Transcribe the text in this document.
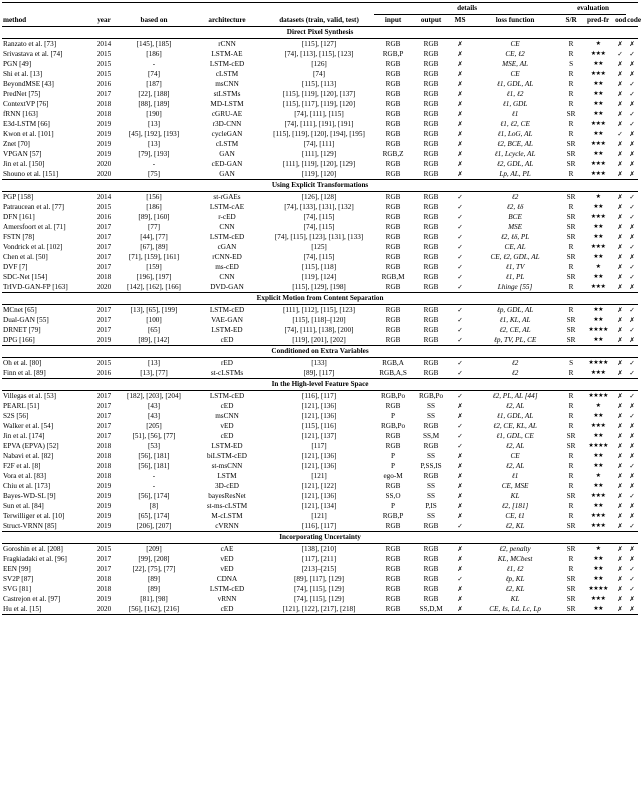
					details				evaluation			
method	year	based on	architecture	datasets (train, valid, test)	input	output	MS	loss function	S/R	pred-fr	ood	code
Direct Pixel Synthesis												
Ranzato et al. [73]	2014	[145], [185]	rCNN	[115], [127]	RGB	RGB	✗	CE	R	★	✗	✗
Srivastava et al. [74]	2015	[186]	LSTM-AE	[74], [113], [115], [123]	RGB,P	RGB	✗	CE, ℓ2	R	★★★	✓	✓
PGN [49]	2015	-	LSTM-cED	[126]	RGB	RGB	✗	MSE, AL	S	★★	✗	✗
Shi et al. [13]	2015	[74]	cLSTM	[74]	RGB	RGB	✗	CE	R	★★★	✗	✗
BeyondMSE [43]	2016	[187]	msCNN	[115], [113]	RGB	RGB	✗	ℓ1, GDL, AL	R	★★	✗	✓
PredNet [75]	2017	[22], [188]	stLSTMs	[115], [119], [120], [137]	RGB	RGB	✗	ℓ1, ℓ2	R	★★	✗	✓
ContextVP [76]	2018	[88], [189]	MD-LSTM	[115], [117], [119], [120]	RGB	RGB	✗	ℓ1, GDL	R	★★	✗	✗
fRNN [163]	2018	[190]	cGRU-AE	[74], [111], [115]	RGB	RGB	✗	ℓ1	SR	★★	✗	✓
E3d-LSTM [66]	2019	[13]	r3D-CNN	[74], [111], [191], [191]	RGB	RGB	✗	ℓ1, ℓ2, CE	R	★★★	✗	✓
Kwon et al. [101]	2019	[45], [192], [193]	cycleGAN	[115], [119], [120], [194], [195]	RGB	RGB	✗	ℓ1, LoG, AL	R	★★	✓	✗
Znet [70]	2019	[13]	cLSTM	[74], [111]	RGB	RGB	✗	ℓ2, BCE, AL	SR	★★★	✗	✗
VPGAN [57]	2019	[79], [193]	GAN	[111], [129]	RGB,Z	RGB	✗	ℓ1, Lcycle, AL	SR	★★	✗	✗
Jin et al. [150]	2020	-	cED-GAN	[111], [119], [120], [129]	RGB	RGB	✗	ℓ2, GDL, AL	SR	★★★	✗	✗
Shouno et al. [151]	2020	[75]	GAN	[119], [120]	RGB	RGB	✗	Lp, AL, PL	R	★★★	✗	✗
Using Explicit Transformations												
PGP [158]	2014	[156]	st-rGAEs	[126], [128]	RGB	RGB	✓	ℓ2	SR	★	✗	✓
Patraucean et al. [77]	2015	[186]	LSTM-cAE	[74], [133], [131], [132]	RGB	RGB	✓	ℓ2, ℓδ	R	★★	✗	✓
DFN [161]	2016	[89], [160]	r-cED	[74], [115]	RGB	RGB	✓	BCE	SR	★★★	✗	✓
Amersfoort et al. [71]	2017	[77]	CNN	[74], [115]	RGB	RGB	✓	MSE	SR	★★	✗	✗
FSTN [78]	2017	[44], [77]	LSTM-cED	[74], [115], [123], [131], [133]	RGB	RGB	✓	ℓ2, ℓδ, PL	SR	★★	✗	✗
Vondrick et al. [102]	2017	[67], [89]	cGAN	[125]	RGB	RGB	✓	CE, AL	R	★★★	✗	✓
Chen et al. [50]	2017	[71], [159], [161]	rCNN-ED	[74], [115]	RGB	RGB	✓	CE, ℓ2, GDL, AL	SR	★★	✗	✗
DVF [7]	2017	[159]	ms-cED	[115], [118]	RGB	RGB	✓	ℓ1, TV	R	★	✗	✓
SDC-Net [154]	2018	[196], [197]	CNN	[119], [124]	RGB,M	RGB	✓	ℓ1, PL	SR	★★	✗	✓
TrIVD-GAN-FP [163]	2020	[142], [162], [166]	DVD-GAN	[115], [129], [198]	RGB	RGB	✓	Lhinge [55]	R	★★★	✗	✗
Explicit Motion from Content Separation												
MCnet [65]	2017	[13], [65], [199]	LSTM-cED	[111], [112], [115], [123]	RGB	RGB	✓	ℓp, GDL, AL	R	★★	✗	✓
Dual-GAN [55]	2017	[100]	VAE-GAN	[115], [118]–[120]	RGB	RGB	✓	ℓ1, KL, AL	SR	★★	✗	✗
DRNET [79]	2017	[65]	LSTM-ED	[74], [111], [138], [200]	RGB	RGB	✓	ℓ2, CE, AL	SR	★★★★	✗	✓
DPG [166]	2019	[89], [142]	cED	[119], [201], [202]	RGB	RGB	✓	ℓp, TV, PL, CE	SR	★★	✗	✗
Conditioned on Extra Variables												
Oh et al. [80]	2015	[13]	rED	[133]	RGB,A	RGB	✓	ℓ2	S	★★★★	✗	✓
Finn et al. [89]	2016	[13], [77]	st-cLSTMs	[89], [117]	RGB,A,S	RGB	✓	ℓ2	R	★★★	✗	✓
In the High-level Feature Space												
Villegas et al. [53]	2017	[182], [203], [204]	LSTM-cED	[116], [117]	RGB,Po	RGB,Po	✓	ℓ2, PL, AL [44]	R	★★★★	✗	✓
PEARL [51]	2017	[43]	cED	[121], [136]	RGB	SS	✗	ℓ2, AL	R	★	✗	✗
S2S [56]	2017	[43]	msCNN	[121], [136]	P	SS	✗	ℓ1, GDL, AL	R	★★	✗	✓
Walker et al. [54]	2017	[205]	vED	[115], [116]	RGB,Po	RGB	✓	ℓ2, CE, KL, AL	R	★★★	✗	✗
Jin et al. [174]	2017	[51], [56], [77]	cED	[121], [137]	RGB	SS,M	✓	ℓ1, GDL, CE	SR	★★	✗	✗
EPVA (EPVA) [52]	2018	[53]	LSTM-ED	[117]	RGB	RGB	✓	ℓ2, AL	SR	★★★★	✗	✗
Nabavi et al. [82]	2018	[56], [181]	biLSTM-cED	[121], [136]	P	SS	✗	CE	R	★★	✗	✗
F2F et al. [8]	2018	[56], [181]	st-msCNN	[121], [136]	P	P,SS,IS	✗	ℓ2, AL	R	★★	✗	✓
Vora et al. [83]	2018	-	LSTM	[121]	ego-M	RGB	✗	ℓ1	R	★	✗	✗
Chiu et al. [173]	2019	-	3D-cED	[121], [122]	RGB	SS	✗	CE, MSE	R	★★	✗	✗
Bayes-WD-SL [9]	2019	[56], [174]	bayesResNet	[121], [136]	SS,O	SS	✗	KL	SR	★★★	✗	✓
Sun et al. [84]	2019	[8]	st-ms-cLSTM	[121], [134]	P	P,IS	✗	ℓ2, [181]	R	★★	✗	✗
Terwilliger et al. [10]	2019	[65], [174]	M-cLSTM	[121]	RGB,P	SS	✗	CE, ℓ1	R	★★★	✗	✗
Struct-VRNN [85]	2019	[206], [207]	cVRNN	[116], [117]	RGB	RGB	✓	ℓ2, KL	SR	★★★	✗	✓
Incorporating Uncertainty												
Goroshin et al. [208]	2015	[209]	cAE	[138], [210]	RGB	RGB	✗	ℓ2, penalty	SR	★	✗	✗
Fragkiadaki et al. [96]	2017	[99], [208]	vED	[117], [211]	RGB	RGB	✗	KL, MCbest	R	★★	✗	✗
EEN [99]	2017	[22], [75], [77]	vED	[213]–[215]	RGB	RGB	✗	ℓ1, ℓ2	R	★★	✗	✓
SV2P [87]	2018	[89]	CDNA	[89], [117], [129]	RGB	RGB	✓	ℓp, KL	SR	★★	✗	✓
SVG [81]	2018	[89]	LSTM-cED	[74], [115], [129]	RGB	RGB	✗	ℓ2, KL	SR	★★★★	✗	✓
Castrejon et al. [97]	2019	[81], [98]	vRNN	[74], [115], [129]	RGB	RGB	✗	KL	SR	★★★	✗	✗
Hu et al. [15]	2020	[56], [162], [216]	cED	[121], [122], [217], [218]	RGB	SS,D,M	✗	CE, ℓs, Ld, Lc, Lp	SR	★★	✗	✗
